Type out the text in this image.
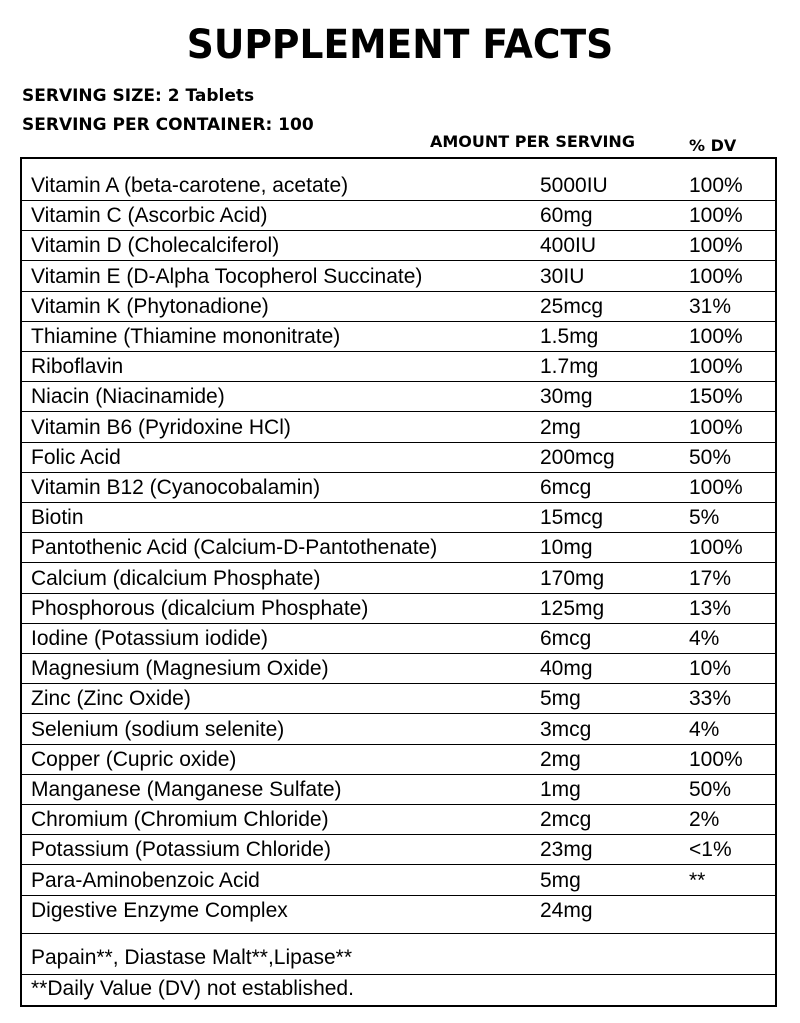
SUPPLEMENT FACTS
SERVING SIZE: 2 Tablets
SERVING PER CONTAINER: 100
AMOUNT PER SERVING	% DV
Papain**, Diastase Malt**,Lipase**
**Daily Value (DV) not established.
Vitamin A (beta-carotene, acetate)	5000IU	100%
Vitamin C (Ascorbic Acid)	60mg	100%
Vitamin D (Cholecalciferol)	400IU	100%
Vitamin E (D-Alpha Tocopherol Succinate)	30IU	100%
Vitamin K (Phytonadione)	25mcg	31%
Thiamine (Thiamine mononitrate)	1.5mg	100%
Riboflavin	1.7mg	100%
Niacin (Niacinamide)	30mg	150%
Vitamin B6 (Pyridoxine HCl)	2mg	100%
Folic Acid	200mcg	50%
Vitamin B12 (Cyanocobalamin)	6mcg	100%
Biotin	15mcg	5%
Pantothenic Acid (Calcium-D-Pantothenate)	10mg	100%
Calcium (dicalcium Phosphate)	170mg	17%
Phosphorous (dicalcium Phosphate)	125mg	13%
Iodine (Potassium iodide)	6mcg	4%
Magnesium (Magnesium Oxide)	40mg	10%
Zinc (Zinc Oxide)	5mg	33%
Selenium (sodium selenite)	3mcg	4%
Copper (Cupric oxide)	2mg	100%
Manganese (Manganese Sulfate)	1mg	50%
Chromium (Chromium Chloride)	2mcg	2%
Potassium (Potassium Chloride)	23mg	<1%
Para-Aminobenzoic Acid	5mg	**
Digestive Enzyme Complex	24mg
